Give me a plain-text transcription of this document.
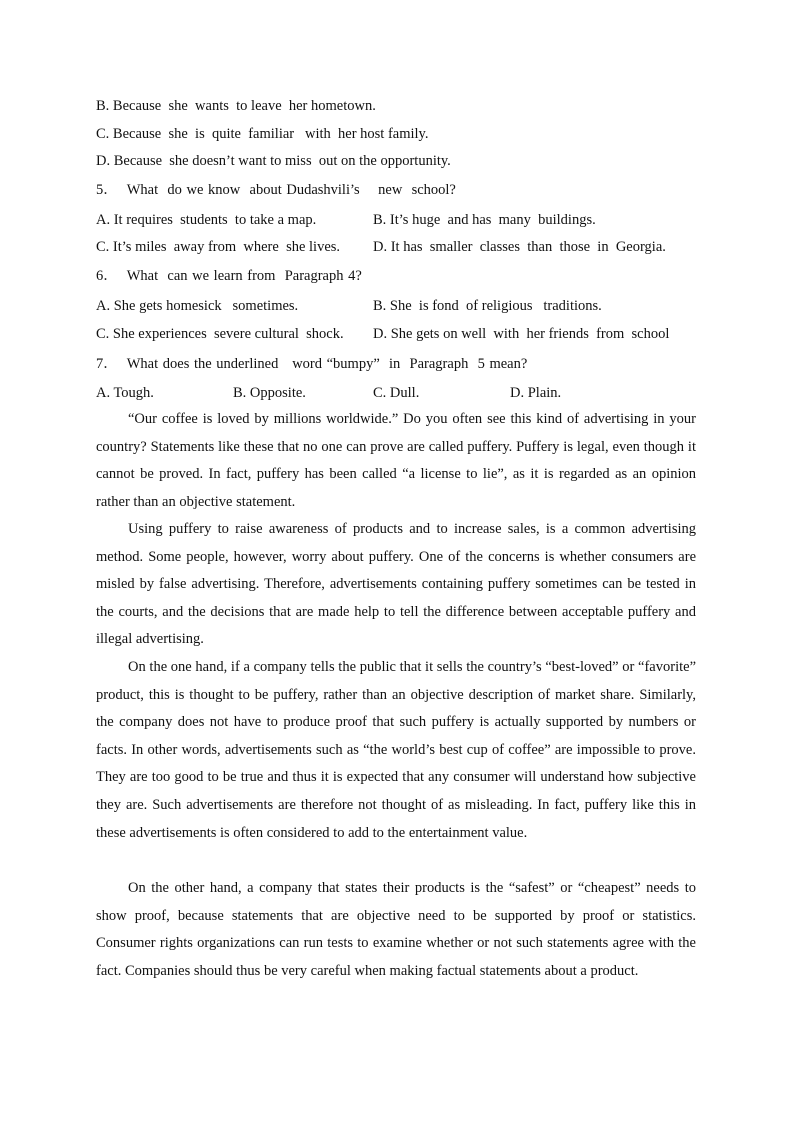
B. Because  she  wants  to leave  her hometown.
C. Because  she  is  quite  familiar   with  her host family.
D. Because  she doesn’t want to miss  out on the opportunity.
5．  What  do we know  about Dudashvili’s    new  school?
A. It requires  students  to take a map.	B. It’s huge  and has  many  buildings.
C. It’s miles  away from  where  she lives. D. It has  smaller  classes  than  those  in  Georgia.
6．  What  can we learn from  Paragraph 4?
A. She gets homesick   sometimes.	B. She  is fond  of religious   traditions.
C. She experiences  severe cultural  shock. D. She gets on well  with  her friends  from  school
7．  What does the underlined   word “bumpy”  in  Paragraph  5 mean?
A. Tough.	B. Opposite.	C. Dull.	D. Plain.
“Our coffee is loved by millions worldwide.” Do you often see this kind of advertising in your country? Statements like these that no one can prove are called puffery. Puffery is legal, even though it cannot be proved. In fact, puffery has been called “a license to lie”, as it is regarded as an opinion rather than an objective statement.
Using puffery to raise awareness of products and to increase sales, is a common advertising method. Some people, however, worry about puffery. One of the concerns is whether consumers are misled by false advertising. Therefore, advertisements containing puffery sometimes can be tested in the courts, and the decisions that are made help to tell the difference between acceptable puffery and illegal advertising.
On the one hand, if a company tells the public that it sells the country’s “best-loved” or “favorite” product, this is thought to be puffery, rather than an objective description of market share. Similarly, the company does not have to produce proof that such puffery is actually supported by numbers or facts. In other words, advertisements such as “the world’s best cup of coffee” are impossible to prove. They are too good to be true and thus it is expected that any consumer will understand how subjective they are. Such advertisements are therefore not thought of as misleading. In fact, puffery like this in these advertisements is often considered to add to the entertainment value.
On the other hand, a company that states their products is the “safest” or “cheapest” needs to show proof, because statements that are objective need to be supported by proof or statistics. Consumer rights organizations can run tests to examine whether or not such statements agree with the fact. Companies should thus be very careful when making factual statements about a product.
